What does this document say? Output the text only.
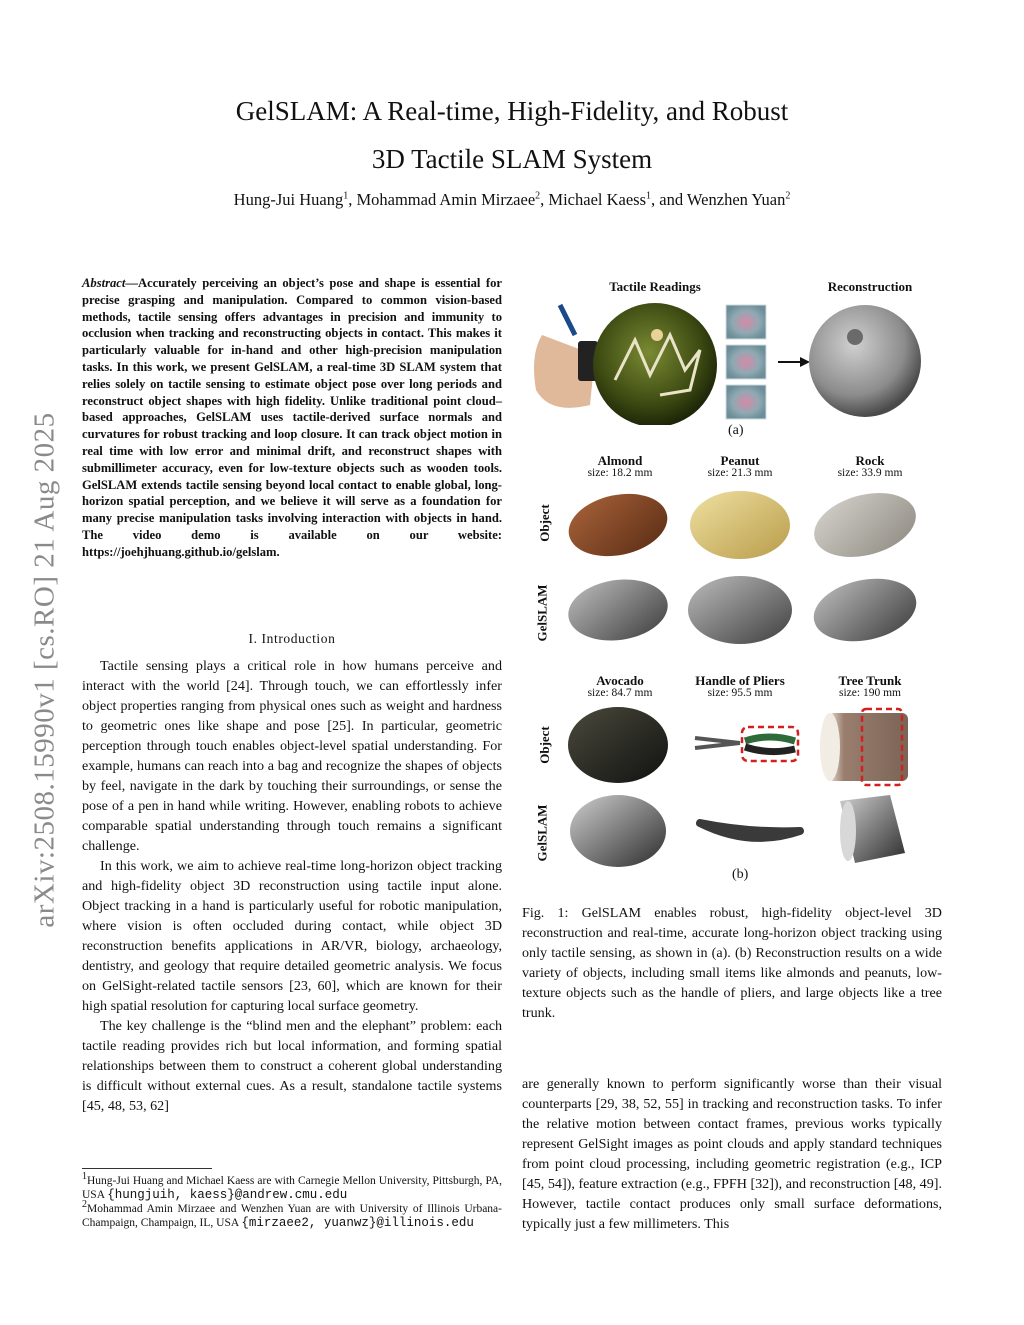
GelSLAM: A Real-time, High-Fidelity, and Robust
3D Tactile SLAM System
Hung-Jui Huang$^1$, Mohammad Amin Mirzaee$^2$, Michael Kaess$^1$, and Wenzhen Yuan$^2$
arXiv:2508.15990v1 [cs.RO] 21 Aug 2025
Abstract—Accurately perceiving an object’s pose and shape is essential for precise grasping and manipulation. Compared to common vision-based methods, tactile sensing offers advantages in precision and immunity to occlusion when tracking and reconstructing objects in contact. This makes it particularly valuable for in-hand and other high-precision manipulation tasks. In this work, we present GelSLAM, a real-time 3D SLAM system that relies solely on tactile sensing to estimate object pose over long periods and reconstruct object shapes with high fidelity. Unlike traditional point cloud–based approaches, GelSLAM uses tactile-derived surface normals and curvatures for robust tracking and loop closure. It can track object motion in real time with low error and minimal drift, and reconstruct shapes with submillimeter accuracy, even for low-texture objects such as wooden tools. GelSLAM extends tactile sensing beyond local contact to enable global, long-horizon spatial perception, and we believe it will serve as a foundation for many precise manipulation tasks involving interaction with objects in hand. The video demo is available on our website: https://joehjhuang.github.io/gelslam.
I. Introduction

Tactile sensing plays a critical role in how humans perceive and interact with the world [24]. Through touch, we can effortlessly infer object properties ranging from physical ones such as weight and hardness to geometric ones like shape and pose [25]. In particular, geometric perception through touch enables object-level spatial understanding. For example, humans can reach into a bag and recognize the shapes of objects by feel, navigate in the dark by touching their surroundings, or sense the pose of a pen in hand while writing. However, enabling robots to achieve comparable spatial understanding through touch remains a significant challenge.

In this work, we aim to achieve real-time long-horizon object tracking and high-fidelity object 3D reconstruction using tactile input alone. Object tracking in a hand is particularly useful for robotic manipulation, where vision is often occluded during contact, while object 3D reconstruction benefits applications in AR/VR, biology, archaeology, dentistry, and geology that require detailed geometric analysis. We focus on GelSight-related tactile sensors [23, 60], which are known for their high spatial resolution for capturing local surface geometry.

The key challenge is the “blind men and the elephant” problem: each tactile reading provides rich but local information, and forming spatial relationships between them to construct a coherent global understanding is difficult without external cues. As a result, standalone tactile systems [45, 48, 53, 62]

$^1$Hung-Jui Huang and Michael Kaess are with Carnegie Mellon University, Pittsburgh, PA, USA {hungjuih, kaess}@andrew.cmu.edu
$^2$Mohammad Amin Mirzaee and Wenzhen Yuan are with University of Illinois Urbana-Champaign, Champaign, IL, USA {mirzaee2, yuanwz}@illinois.edu
Tactile Readings	Reconstruction
(a)
Almond
size: 18.2 mm
Peanut
size: 21.3 mm
Rock
size: 33.9 mm
Object
GelSLAM
Avocado
size: 84.7 mm
Handle of Pliers
size: 95.5 mm
Tree Trunk
size: 190 mm
Object
GelSLAM
(b)
Fig. 1: GelSLAM enables robust, high-fidelity object-level 3D reconstruction and real-time, accurate long-horizon object tracking using only tactile sensing, as shown in (a). (b) Reconstruction results on a wide variety of objects, including small items like almonds and peanuts, low-texture objects such as the handle of pliers, and large objects like a tree trunk.
are generally known to perform significantly worse than their visual counterparts [29, 38, 52, 55] in tracking and reconstruction tasks. To infer the relative motion between contact frames, previous works typically represent GelSight images as point clouds and apply standard techniques from point cloud processing, including geometric registration (e.g., ICP [45, 54]), feature extraction (e.g., FPFH [32]), and reconstruction [48, 49]. However, tactile contact produces only small surface deformations, typically just a few millimeters. This
